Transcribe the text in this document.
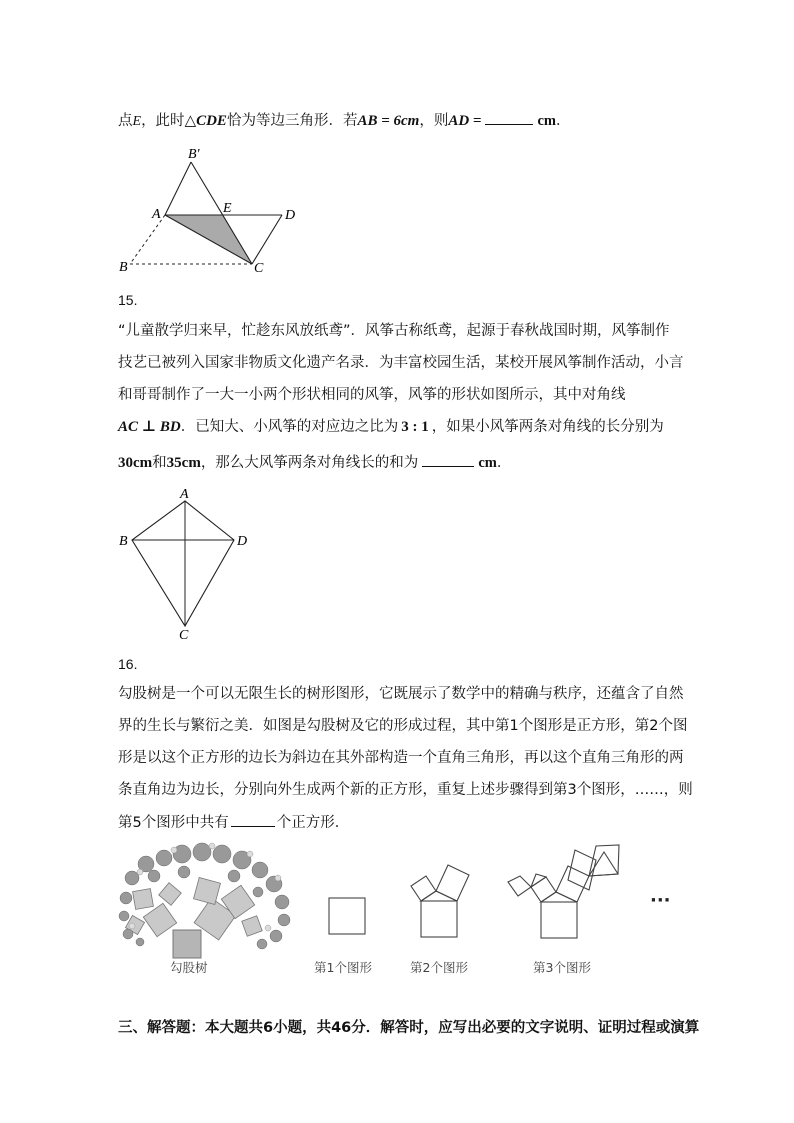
点E，此时△CDE恰为等边三角形．若AB = 6cm，则AD =	cm．
B′
A	E	D
B	C
15.
“儿童散学归来早，忙趁东风放纸鸢”．风筝古称纸鸢，起源于春秋战国时期，风筝制作
技艺已被列入国家非物质文化遗产名录．为丰富校园生活，某校开展风筝制作活动，小言
和哥哥制作了一大一小两个形状相同的风筝，风筝的形状如图所示，其中对角线
AC ⊥ BD．已知大、小风筝的对应边之比为 3 : 1 ，如果小风筝两条对角线的长分别为
30cm和35cm，那么大风筝两条对角线长的和为	cm．
A
B	D
C
16.
勾股树是一个可以无限生长的树形图形，它既展示了数学中的精确与秩序，还蕴含了自然
界的生长与繁衍之美．如图是勾股树及它的形成过程，其中第1个图形是正方形，第2个图
形是以这个正方形的边长为斜边在其外部构造一个直角三角形，再以这个直角三角形的两
条直角边为边长，分别向外生成两个新的正方形，重复上述步骤得到第3个图形，……，则
第5个图形中共有	个正方形．
勾股树	第1个图形	第2个图形	第3个图形
···
三、解答题：本大题共6小题，共46分．解答时，应写出必要的文字说明、证明过程或演算
